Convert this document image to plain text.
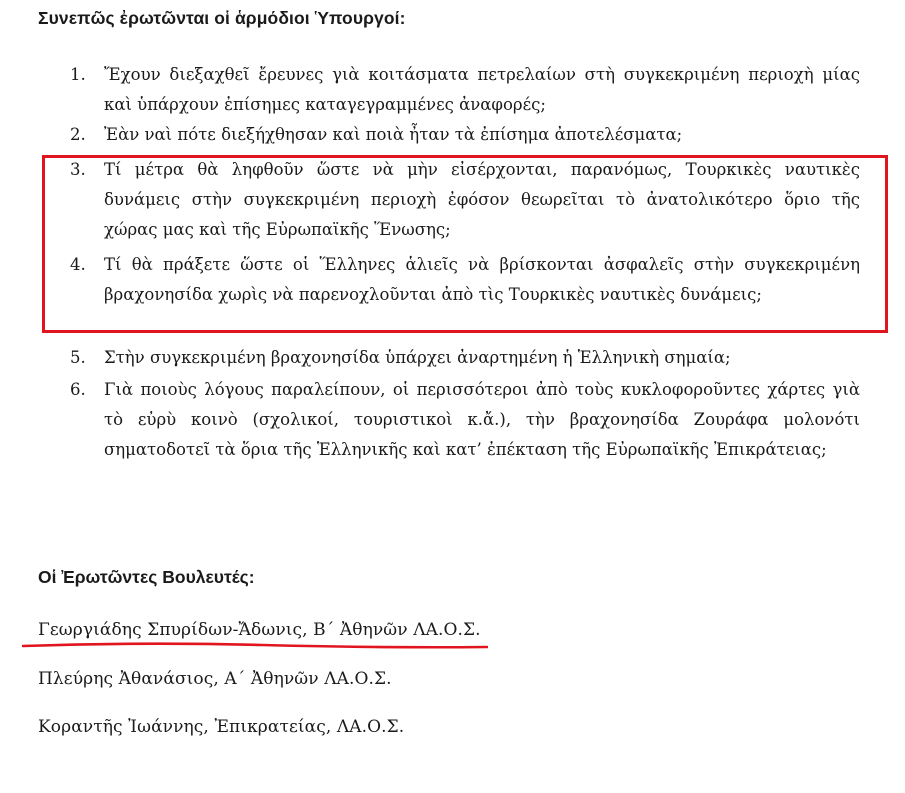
Συνεπῶς ἐρωτῶνται οἱ ἁρμόδιοι Ὑπουργοί:
1. Ἔχουν διεξαχθεῖ ἔρευνες γιὰ κοιτάσματα πετρελαίων στὴ συγκεκριμένη περιοχὴ μίας καὶ ὑπάρχουν ἐπίσημες καταγεγραμμένες ἀναφορές;
2. Ἐὰν ναὶ πότε διεξήχθησαν καὶ ποιὰ ἦταν τὰ ἐπίσημα ἀποτελέσματα;
3. Τί μέτρα θὰ ληφθοῦν ὥστε νὰ μὴν εἰσέρχονται, παρανόμως, Τουρκικὲς ναυτικὲς δυνάμεις στὴν συγκεκριμένη περιοχὴ ἐφόσον θεωρεῖται τὸ ἀνατολικότερο ὅριο τῆς χώρας μας καὶ τῆς Εὐρωπαϊκῆς Ἕνωσης;
4. Τί θὰ πράξετε ὥστε οἱ Ἕλληνες ἁλιεῖς νὰ βρίσκονται ἀσφαλεῖς στὴν συγκεκριμένη βραχονησίδα χωρὶς νὰ παρενοχλοῦνται ἀπὸ τὶς Τουρκικὲς ναυτικὲς δυνάμεις;
5. Στὴν συγκεκριμένη βραχονησίδα ὑπάρχει ἀναρτημένη ἡ Ἑλληνικὴ σημαία;
6. Γιὰ ποιοὺς λόγους παραλείπουν, οἱ περισσότεροι ἀπὸ τοὺς κυκλοφοροῦντες χάρτες γιὰ τὸ εὐρὺ κοινὸ (σχολικοί, τουριστικοὶ κ.ἄ.), τὴν βραχονησίδα Ζουράφα μολονότι σηματοδοτεῖ τὰ ὅρια τῆς Ἑλληνικῆς καὶ κατ’ ἐπέκταση τῆς Εὐρωπαϊκῆς Ἐπικράτειας;
Οἱ Ἐρωτῶντες Βουλευτές:
Γεωργιάδης Σπυρίδων-Ἄδωνις, Β΄ Ἀθηνῶν ΛΑ.Ο.Σ.
Πλεύρης Ἀθανάσιος, Α΄ Ἀθηνῶν ΛΑ.Ο.Σ.
Κοραντῆς Ἰωάννης, Ἐπικρατείας, ΛΑ.Ο.Σ.
